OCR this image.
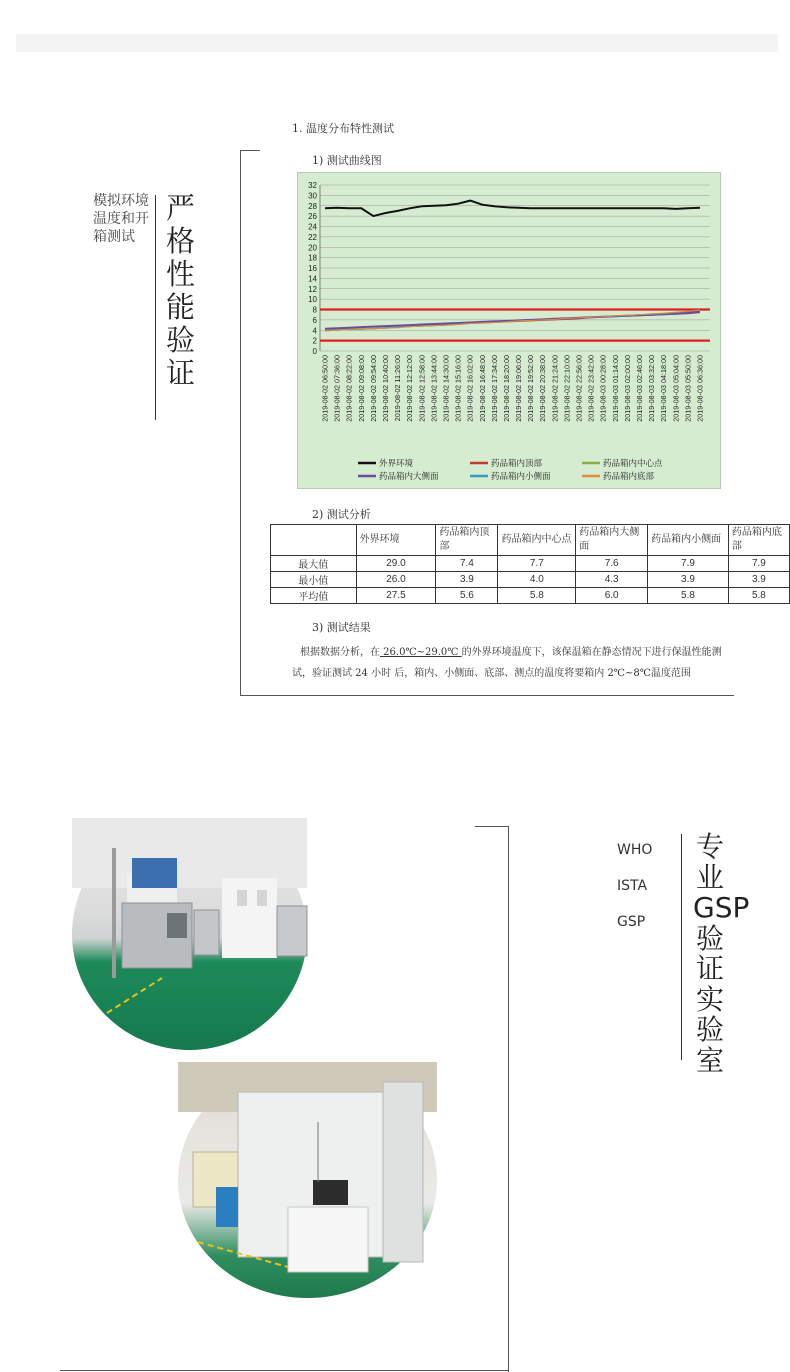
模拟环境温度和开箱测试
严格性能验证
1. 温度分布特性测试
1) 测试曲线图
0
2
4
6
8
10
12
14
16
18
20
22
24
26
28
30
32
2019-08-02 06:50:00 2019-08-02 07:36:00 2019-08-02 08:22:00 2019-08-02 09:08:00 2019-08-02 09:54:00 2019-08-02 10:40:00 2019-08-02 11:26:00 2019-08-02 12:12:00 2019-08-02 12:58:00 2019-08-02 13:44:00 2019-08-02 14:30:00 2019-08-02 15:16:00 2019-08-02 16:02:00 2019-08-02 16:48:00 2019-08-02 17:34:00 2019-08-02 18:20:00 2019-08-02 19:06:00 2019-08-02 19:52:00 2019-08-02 20:38:00 2019-08-02 21:24:00 2019-08-02 22:10:00 2019-08-02 22:56:00 2019-08-02 23:42:00 2019-08-03 00:28:00 2019-08-03 01:14:00 2019-08-03 02:00:00 2019-08-03 02:46:00 2019-08-03 03:32:00 2019-08-03 04:18:00 2019-08-03 05:04:00 2019-08-03 05:50:00 2019-08-03 06:36:00
外界环境	药品箱内顶部	药品箱内中心点
药品箱内大侧面	药品箱内小侧面	药品箱内底部
2) 测试分析
	外界环境	药品箱内顶部	药品箱内中心点	药品箱内大侧面	药品箱内小侧面	药品箱内底部
最大值	29.0	7.4	7.7	7.6	7.9	7.9
最小值	26.0	3.9	4.0	4.3	3.9	3.9
平均值	27.5	5.6	5.8	6.0	5.8	5.8
3) 测试结果
根据数据分析，在 26.0℃~29.0℃ 的外界环境温度下，该保温箱在静态情况下进行保温性能测
试，验证测试 24 小时 后，箱内、小侧面、底部、测点的温度将要箱内 2℃~8℃温度范围
WHO
ISTA
GSP
专业GSP验证实验室
